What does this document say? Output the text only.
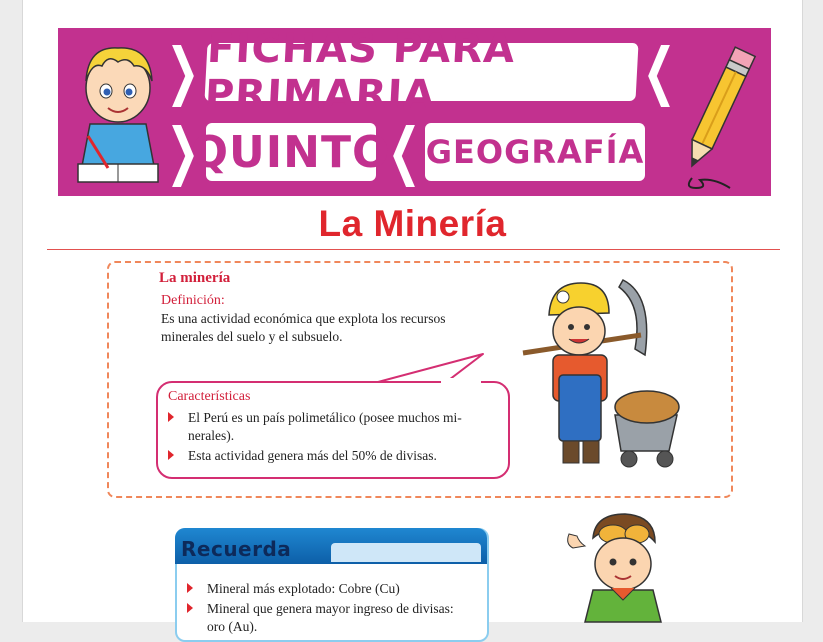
❯ FICHAS PARA PRIMARIA	❮
❯
QUINTO
❮ GEOGRAFÍA
La Minería
La minería
Definición:
Es una actividad económica que explota los recursos
minerales del suelo y el subsuelo.
Características
El Perú es un país polimetálico (posee muchos mi-
nerales).
Esta actividad genera más del 50% de divisas.
Recuerda
Mineral más explotado: Cobre (Cu)
Mineral que genera mayor ingreso de divisas:
oro (Au).
